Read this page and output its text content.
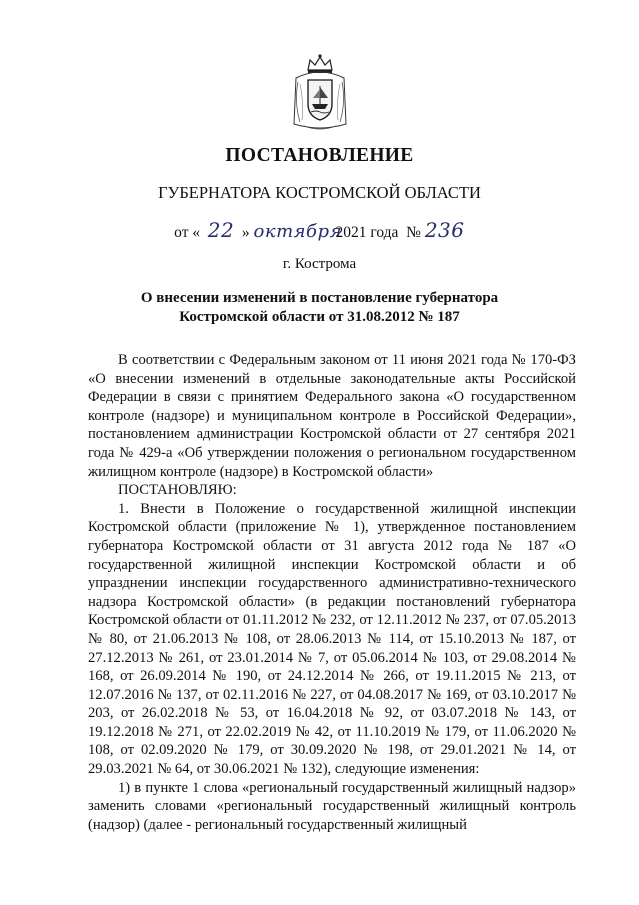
ПОСТАНОВЛЕНИЕ
ГУБЕРНАТОРА КОСТРОМСКОЙ ОБЛАСТИ
от « 22 » октября2021 года № 236
г. Кострома
О внесении изменений в постановление губернатора
Костромской области от 31.08.2012 № 187

В соответствии с Федеральным законом от 11 июня 2021 года № 170-ФЗ «О внесении изменений в отдельные законодательные акты Российской Федерации в связи с принятием Федерального закона «О государственном контроле (надзоре) и муниципальном контроле в Российской Федерации», постановлением администрации Костромской области от 27 сентября 2021 года № 429-а «Об утверждении положения о региональном государственном жилищном контроле (надзоре) в Костромской области»

ПОСТАНОВЛЯЮ:

1. Внести в Положение о государственной жилищной инспекции Костромской области (приложение № 1), утвержденное постановлением губернатора Костромской области от 31 августа 2012 года № 187 «О государственной жилищной инспекции Костромской области и об упразднении инспекции государственного административно-технического надзора Костромской области» (в редакции постановлений губернатора Костромской области от 01.11.2012 № 232, от 12.11.2012 № 237, от 07.05.2013 № 80, от 21.06.2013 № 108, от 28.06.2013 № 114, от 15.10.2013 № 187, от 27.12.2013 № 261, от 23.01.2014 № 7, от 05.06.2014 № 103, от 29.08.2014 № 168, от 26.09.2014 № 190, от 24.12.2014 № 266, от 19.11.2015 № 213, от 12.07.2016 № 137, от 02.11.2016 № 227, от 04.08.2017 № 169, от 03.10.2017 № 203, от 26.02.2018 № 53, от 16.04.2018 № 92, от 03.07.2018 № 143, от 19.12.2018 № 271, от 22.02.2019 № 42, от 11.10.2019 № 179, от 11.06.2020 № 108, от 02.09.2020 № 179, от 30.09.2020 № 198, от 29.01.2021 № 14, от 29.03.2021 № 64, от 30.06.2021 № 132), следующие изменения:

1) в пункте 1 слова «региональный государственный жилищный надзор» заменить словами «региональный государственный жилищный контроль (надзор) (далее - региональный государственный жилищный
